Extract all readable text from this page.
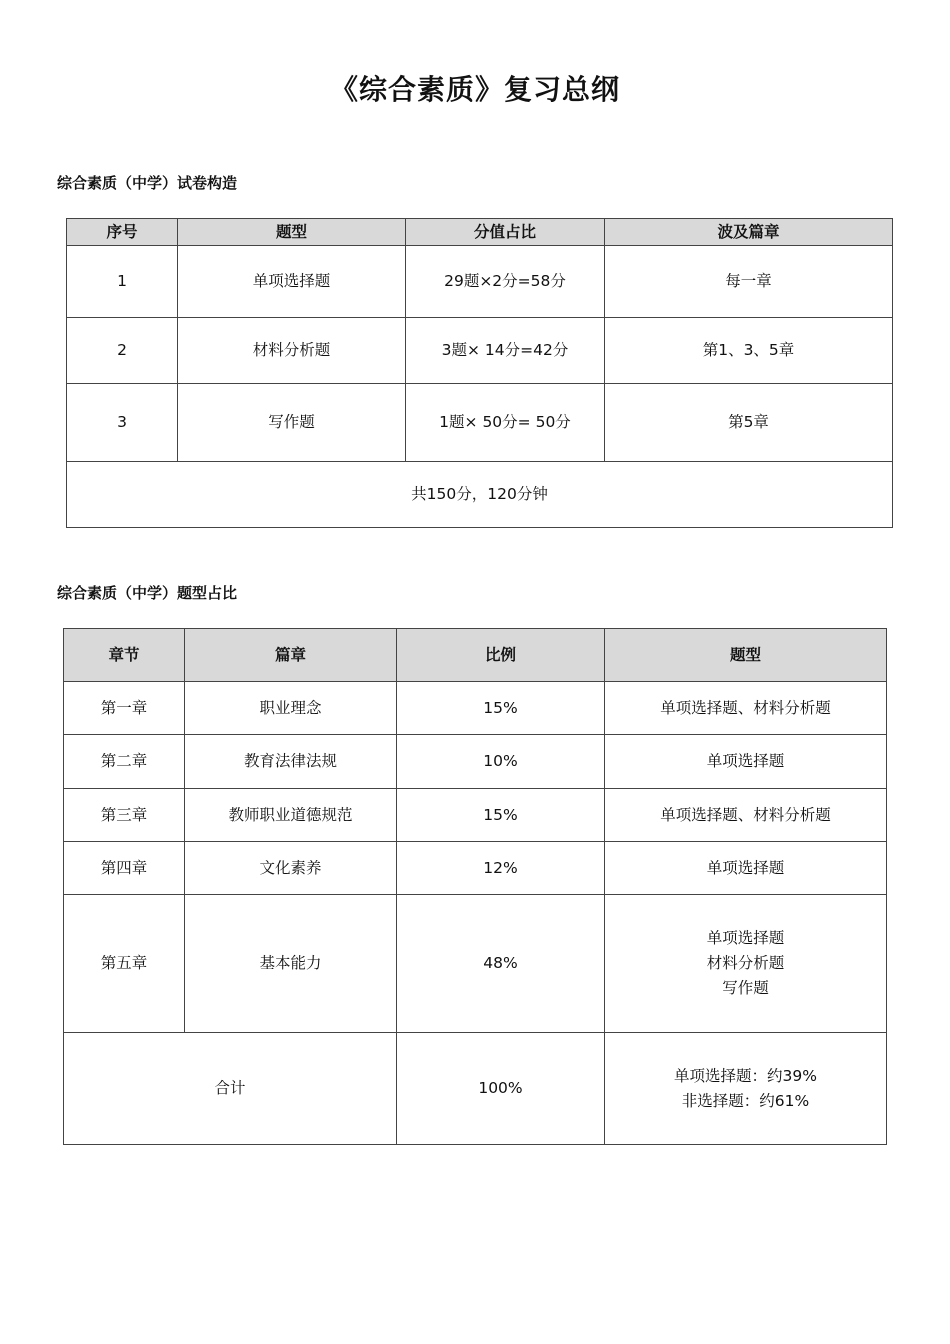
《综合素质》复习总纲
综合素质（中学）试卷构造
序号	题型	分值占比	波及篇章
1	单项选择题	29题×2分=58分	每一章
2	材料分析题	3题× 14分=42分	第1、3、5章
3	写作题	1题× 50分= 50分	第5章
共150分，120分钟			
综合素质（中学）题型占比
章节	篇章	比例	题型
第一章	职业理念	15%	单项选择题、材料分析题
第二章	教育法律法规	10%	单项选择题
第三章	教师职业道德规范	15%	单项选择题、材料分析题
第四章	文化素养	12%	单项选择题
第五章	基本能力	48%	单项选择题
材料分析题
写作题

合计		100%	单项选择题：约39%
非选择题：约61%
